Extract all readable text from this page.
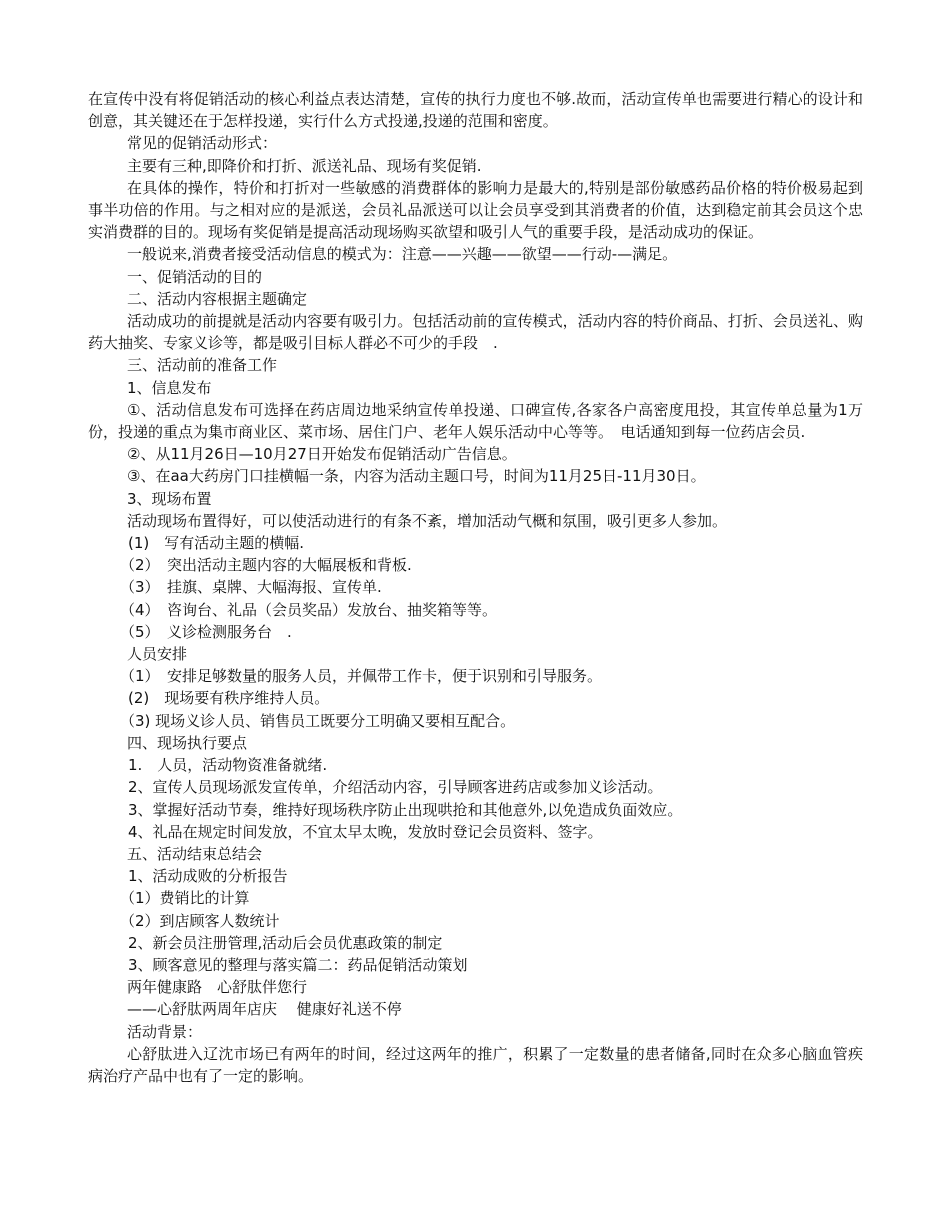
在宣传中没有将促销活动的核心利益点表达清楚，宣传的执行力度也不够.故而，活动宣传单也需要进行精心的设计和创意，其关键还在于怎样投递，实行什么方式投递,投递的范围和密度。

常见的促销活动形式：

主要有三种,即降价和打折、派送礼品、现场有奖促销.

在具体的操作，特价和打折对一些敏感的消费群体的影响力是最大的,特别是部份敏感药品价格的特价极易起到事半功倍的作用。与之相对应的是派送，会员礼品派送可以让会员享受到其消费者的价值，达到稳定前其会员这个忠实消费群的目的。现场有奖促销是提高活动现场购买欲望和吸引人气的重要手段，是活动成功的保证。

一般说来,消费者接受活动信息的模式为：注意——兴趣——欲望——行动-—满足。

一、促销活动的目的

二、活动内容根据主题确定

活动成功的前提就是活动内容要有吸引力。包括活动前的宣传模式，活动内容的特价商品、打折、会员送礼、购药大抽奖、专家义诊等，都是吸引目标人群必不可少的手段　.

三、活动前的准备工作

1、信息发布

①、活动信息发布可选择在药店周边地采纳宣传单投递、口碑宣传,各家各户高密度甩投，其宣传单总量为1万份，投递的重点为集市商业区、菜市场、居住门户、老年人娱乐活动中心等等。　电话通知到每一位药店会员.

②、从11月26日—10月27日开始发布促销活动广告信息。

③、在aa大药房门口挂横幅一条，内容为活动主题口号，时间为11月25日-11月30日。

3、现场布置

活动现场布置得好，可以使活动进行的有条不紊，增加活动气概和氛围，吸引更多人参加。

(1)　写有活动主题的横幅.

（2）　突出活动主题内容的大幅展板和背板.

（3）　挂旗、桌牌、大幅海报、宣传单.

（4）　咨询台、礼品（会员奖品）发放台、抽奖箱等等。

（5）　义诊检测服务台　.

人员安排

（1）　安排足够数量的服务人员，并佩带工作卡，便于识别和引导服务。

(2)　现场要有秩序维持人员。

（3) 现场义诊人员、销售员工既要分工明确又要相互配合。

四、现场执行要点

1.　人员，活动物资准备就绪.

2、宣传人员现场派发宣传单，介绍活动内容，引导顾客进药店或参加义诊活动。

3、掌握好活动节奏，维持好现场秩序防止出现哄抢和其他意外,以免造成负面效应。

4、礼品在规定时间发放，不宜太早太晚，发放时登记会员资料、签字。

五、活动结束总结会

1、活动成败的分析报告

（1）费销比的计算

（2）到店顾客人数统计

2、新会员注册管理,活动后会员优惠政策的制定

3、顾客意见的整理与落实篇二：药品促销活动策划

两年健康路　心舒肽伴您行

——心舒肽两周年店庆　 健康好礼送不停

活动背景：

心舒肽进入辽沈市场已有两年的时间，经过这两年的推广，积累了一定数量的患者储备,同时在众多心脑血管疾病治疗产品中也有了一定的影响。
